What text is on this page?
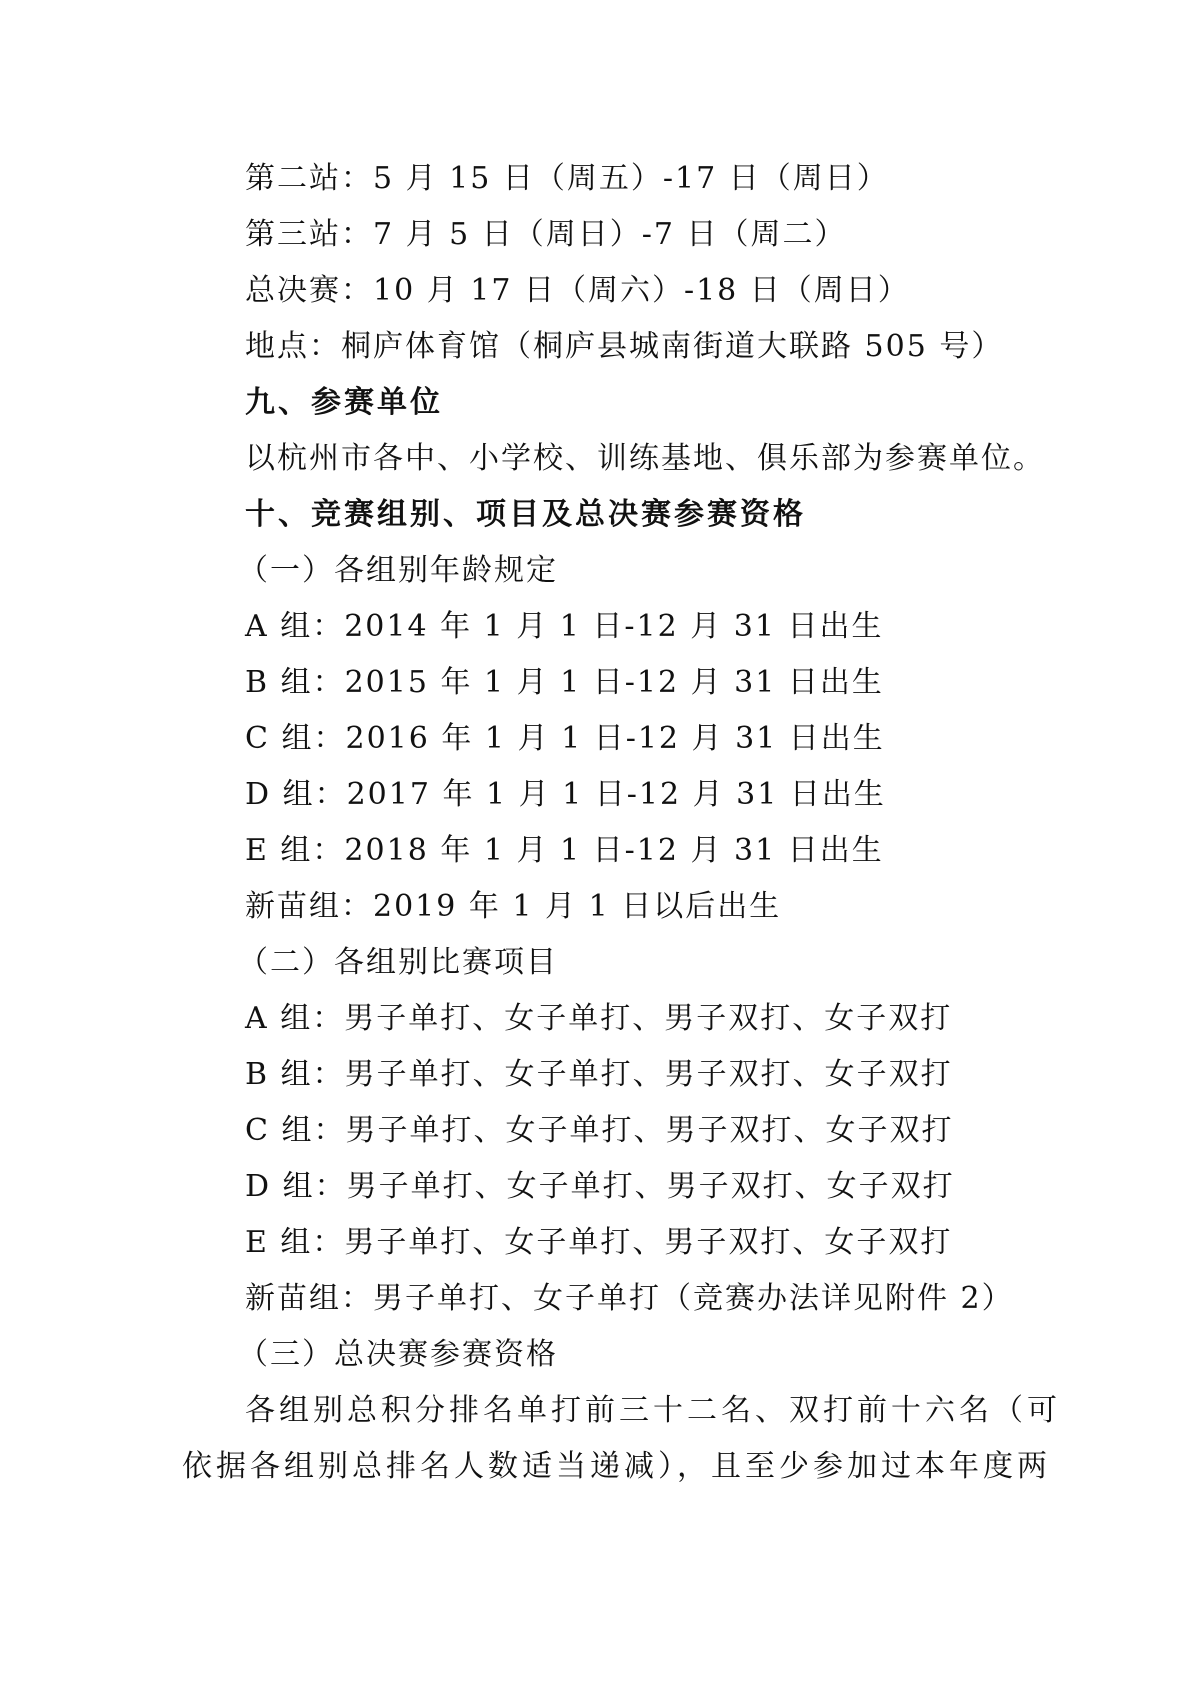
第二站：5 月 15 日（周五）-17 日（周日）
第三站：7 月 5 日（周日）-7 日（周二）
总决赛：10 月 17 日（周六）-18 日（周日）
地点：桐庐体育馆（桐庐县城南街道大联路 505 号）
九、参赛单位
以杭州市各中、小学校、训练基地、俱乐部为参赛单位。
十、竞赛组别、项目及总决赛参赛资格
（一）各组别年龄规定
A 组：2014 年 1 月 1 日-12 月 31 日出生
B 组：2015 年 1 月 1 日-12 月 31 日出生
C 组：2016 年 1 月 1 日-12 月 31 日出生
D 组：2017 年 1 月 1 日-12 月 31 日出生
E 组：2018 年 1 月 1 日-12 月 31 日出生
新苗组：2019 年 1 月 1 日以后出生
（二）各组别比赛项目
A 组：男子单打、女子单打、男子双打、女子双打
B 组：男子单打、女子单打、男子双打、女子双打
C 组：男子单打、女子单打、男子双打、女子双打
D 组：男子单打、女子单打、男子双打、女子双打
E 组：男子单打、女子单打、男子双打、女子双打
新苗组：男子单打、女子单打（竞赛办法详见附件 2）
（三）总决赛参赛资格
各组别总积分排名单打前三十二名、双打前十六名（可
依据各组别总排名人数适当递减），且至少参加过本年度两
